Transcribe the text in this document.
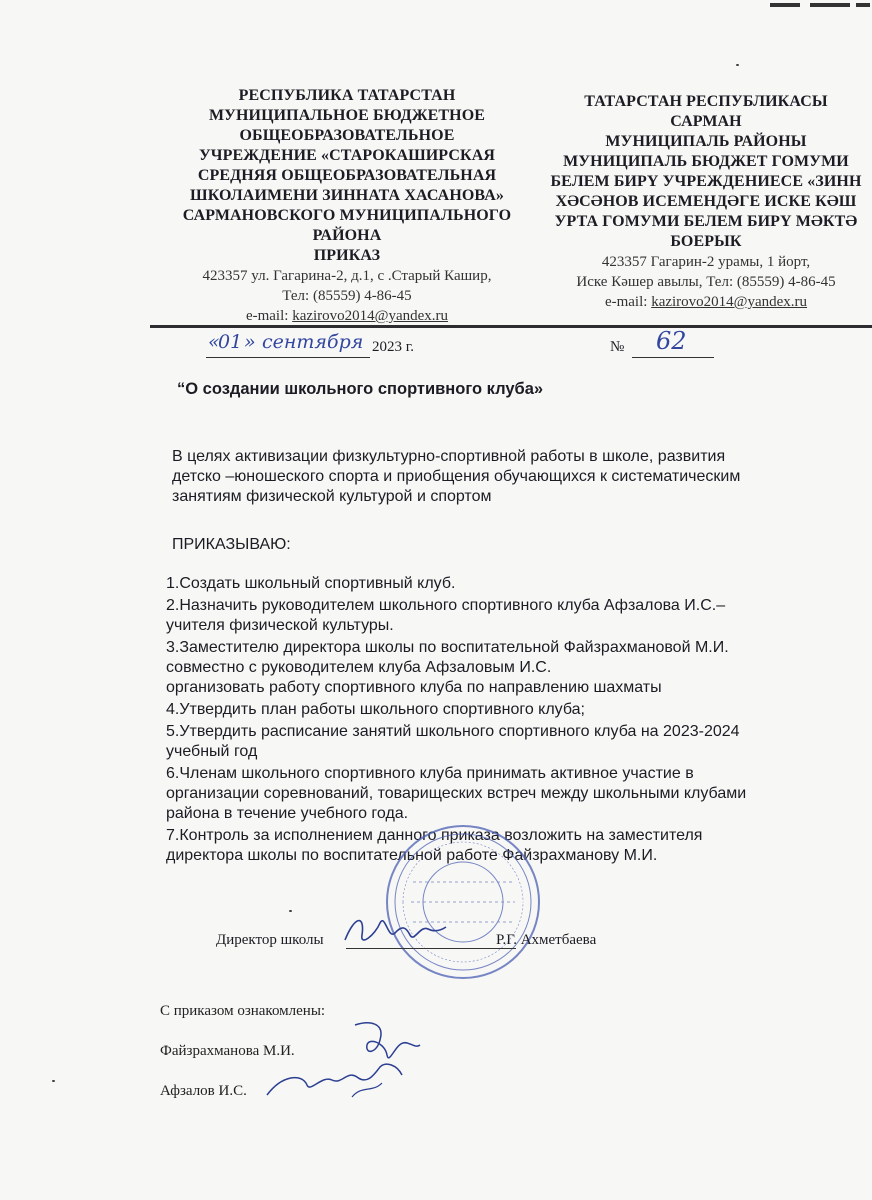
РЕСПУБЛИКА ТАТАРСТАН
МУНИЦИПАЛЬНОЕ БЮДЖЕТНОЕ
ОБЩЕОБРАЗОВАТЕЛЬНОЕ
УЧРЕЖДЕНИЕ «СТАРОКАШИРСКАЯ
СРЕДНЯЯ ОБЩЕОБРАЗОВАТЕЛЬНАЯ
ШКОЛАИМЕНИ ЗИННАТА ХАСАНОВА»
САРМАНОВСКОГО МУНИЦИПАЛЬНОГО
РАЙОНА
ПРИКАЗ
423357 ул. Гагарина-2, д.1, с .Старый Кашир,
Тел: (85559) 4-86-45
e-mail: kazirovo2014@yandex.ru
ТАТАРСТАН РЕСПУБЛИКАСЫ
САРМАН
МУНИЦИПАЛЬ РАЙОНЫ
МУНИЦИПАЛЬ БЮДЖЕТ ГОМУМИ
БЕЛЕМ БИРҮ УЧРЕЖДЕНИЕСЕ «ЗИНН
ХӘСӘНОВ ИСЕМЕНДӘГЕ ИСКЕ КӘШ
УРТА ГОМУМИ БЕЛЕМ БИРҮ МӘКТӘ
БОЕРЫК
423357 Гагарин-2 урамы, 1 йорт,
Иске Кәшер авылы, Тел: (85559) 4-86-45
e-mail: kazirovo2014@yandex.ru
«
01 » сентября 2023 г.	№ 62
“О создании школьного спортивного клуба»

В целях активизации физкультурно-спортивной работы в школе, развития

детско –юношеского спорта и приобщения обучающихся к систематическим

занятиям физической культурой и спортом

ПРИКАЗЫВАЮ:

1.Создать школьный спортивный клуб.

2.Назначить руководителем школьного спортивного клуба Афзалова И.С.–
учителя физической культуры.

3.Заместителю директора школы по воспитательной Файзрахмановой М.И.
совместно с руководителем клуба Афзаловым И.С.
организовать работу спортивного клуба по направлению шахматы

4.Утвердить план работы школьного спортивного клуба;

5.Утвердить расписание занятий школьного спортивного клуба на 2023-2024
учебный год

6.Членам школьного спортивного клуба принимать активное участие в
организации соревнований, товарищеских встреч между школьными клубами
района в течение учебного года.

7.Контроль за исполнением данного приказа возложить на заместителя
директора школы по воспитательной работе Файзрахманову М.И.

Директор школы	Р.Г. Ахметбаева
С приказом ознакомлены:
Файзрахманова М.И.
Афзалов И.С.
